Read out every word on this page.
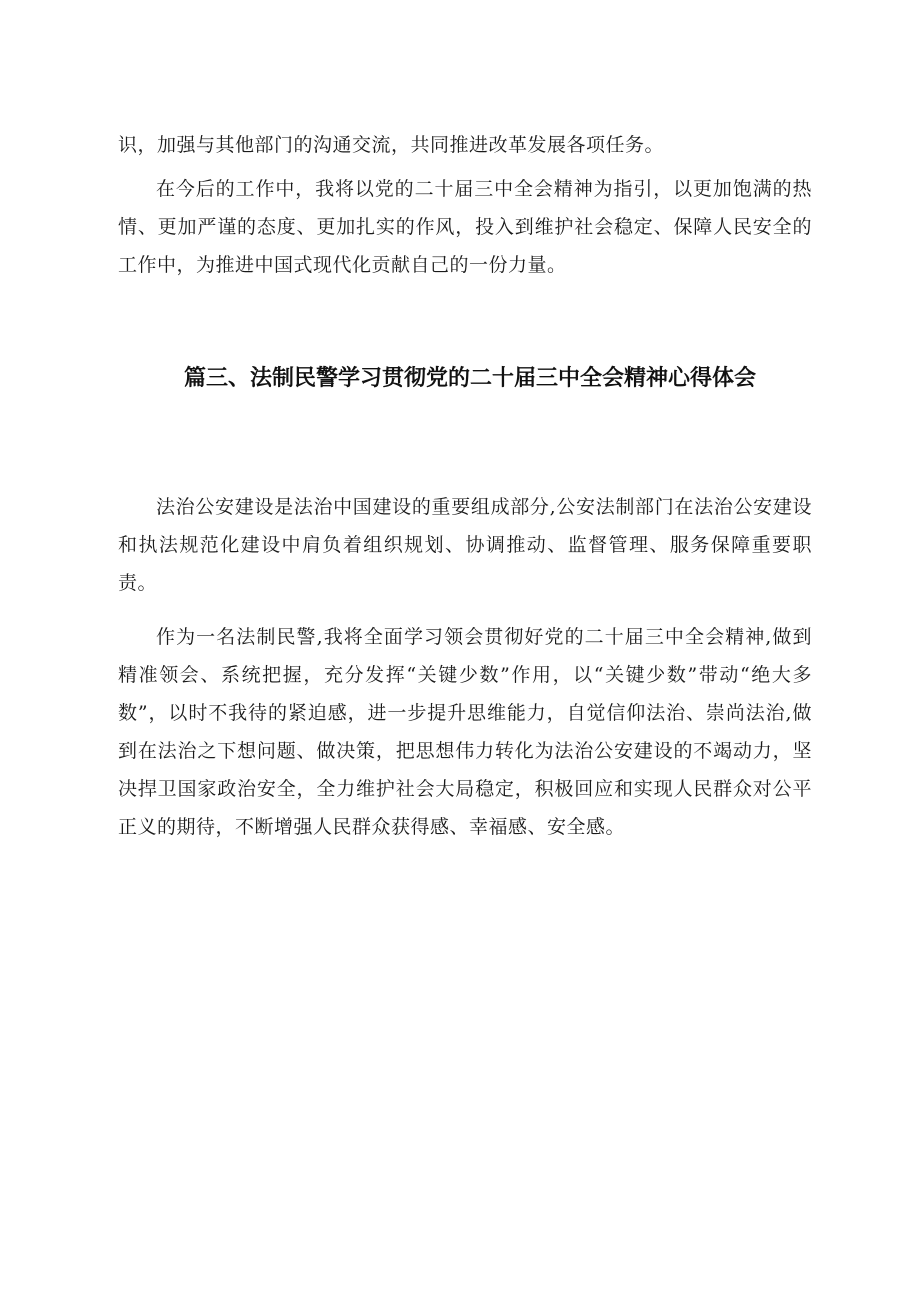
识，加强与其他部门的沟通交流，共同推进改革发展各项任务。

在今后的工作中，我将以党的二十届三中全会精神为指引，以更加饱满的热情、更加严谨的态度、更加扎实的作风，投入到维护社会稳定、保障人民安全的工作中，为推进中国式现代化贡献自己的一份力量。

篇三、法制民警学习贯彻党的二十届三中全会精神心得体会

法治公安建设是法治中国建设的重要组成部分,公安法制部门在法治公安建设和执法规范化建设中肩负着组织规划、协调推动、监督管理、服务保障重要职责。

作为一名法制民警,我将全面学习领会贯彻好党的二十届三中全会精神,做到精准领会、系统把握，充分发挥“关键少数”作用，以“关键少数”带动“绝大多数”，以时不我待的紧迫感，进一步提升思维能力，自觉信仰法治、崇尚法治,做到在法治之下想问题、做决策，把思想伟力转化为法治公安建设的不竭动力，坚决捍卫国家政治安全，全力维护社会大局稳定，积极回应和实现人民群众对公平正义的期待，不断增强人民群众获得感、幸福感、安全感。
